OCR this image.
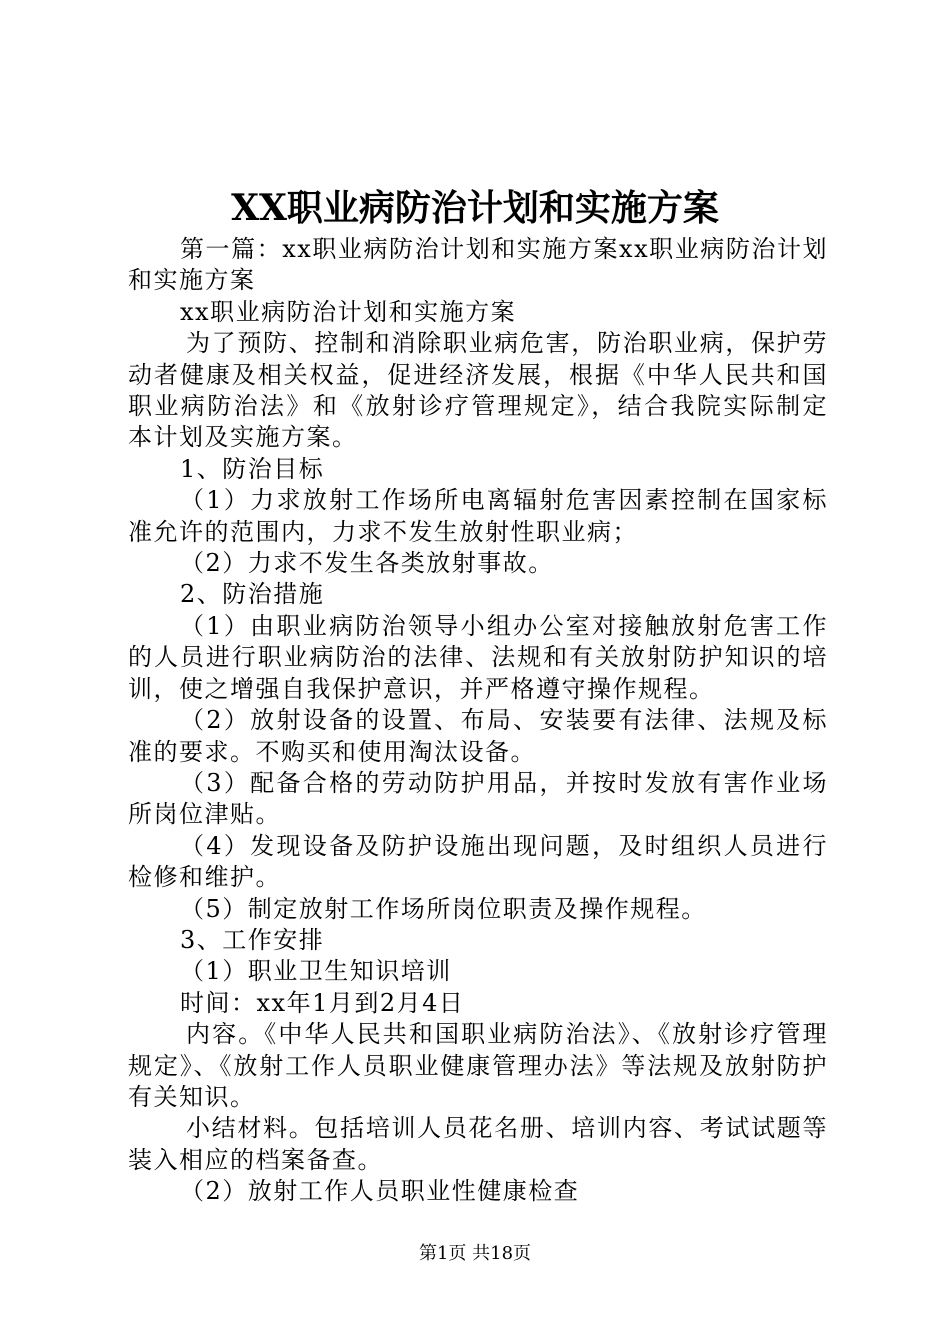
XX职业病防治计划和实施方案

第一篇：xx职业病防治计划和实施方案xx职业病防治计划和实施方案

xx职业病防治计划和实施方案

为了预防、控制和消除职业病危害，防治职业病，保护劳动者健康及相关权益，促进经济发展，根据《中华人民共和国职业病防治法》和《放射诊疗管理规定》，结合我院实际制定本计划及实施方案。

1、防治目标

（1）力求放射工作场所电离辐射危害因素控制在国家标准允许的范围内，力求不发生放射性职业病；

（2）力求不发生各类放射事故。

2、防治措施

（1）由职业病防治领导小组办公室对接触放射危害工作的人员进行职业病防治的法律、法规和有关放射防护知识的培训，使之增强自我保护意识，并严格遵守操作规程。

（2）放射设备的设置、布局、安装要有法律、法规及标准的要求。不购买和使用淘汰设备。

（3）配备合格的劳动防护用品，并按时发放有害作业场所岗位津贴。

（4）发现设备及防护设施出现问题，及时组织人员进行检修和维护。

（5）制定放射工作场所岗位职责及操作规程。

3、工作安排

（1）职业卫生知识培训

时间：xx年1月到2月4日

内容。《中华人民共和国职业病防治法》、《放射诊疗管理规定》、《放射工作人员职业健康管理办法》等法规及放射防护有关知识。

小结材料。包括培训人员花名册、培训内容、考试试题等装入相应的档案备查。

（2）放射工作人员职业性健康检查

第1页 共18页
